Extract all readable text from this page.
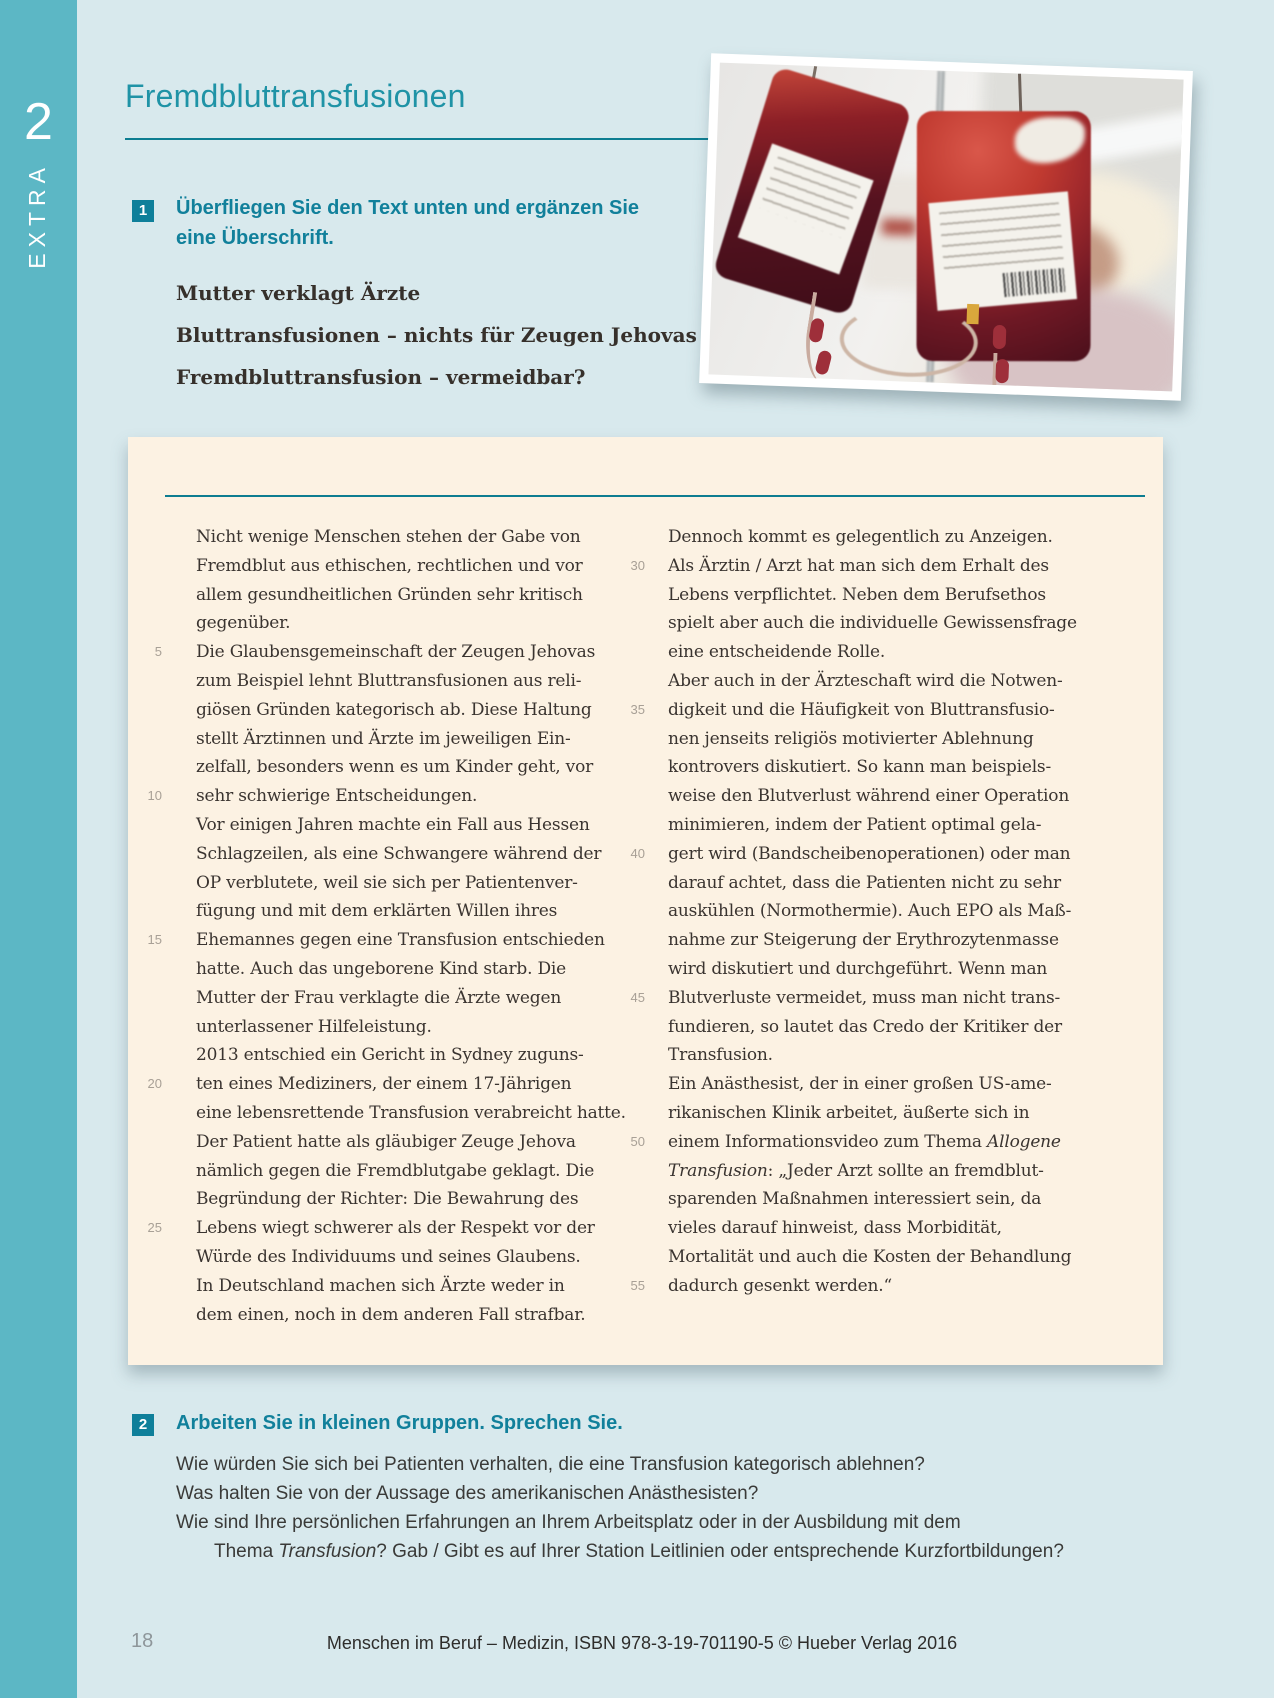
2
EXTRA
Fremdbluttransfusionen
1	Überfliegen Sie den Text unten und ergänzen Sie
eine Überschrift.
Mutter verklagt Ärzte
Bluttransfusionen – nichts für Zeugen Jehovas
Fremdbluttransfusion – vermeidbar?
Nicht wenige Menschen stehen der Gabe von
Fremdblut aus ethischen, rechtlichen und vor
allem gesundheitlichen Gründen sehr kritisch
gegenüber.
5 Die Glaubensgemeinschaft der Zeugen Jehovas
zum Beispiel lehnt Bluttransfusionen aus reli-
giösen Gründen kategorisch ab. Diese Haltung
stellt Ärztinnen und Ärzte im jeweiligen Ein-
zelfall, besonders wenn es um Kinder geht, vor
10 sehr schwierige Entscheidungen.
Vor einigen Jahren machte ein Fall aus Hessen
Schlagzeilen, als eine Schwangere während der
OP verblutete, weil sie sich per Patientenver-
fügung und mit dem erklärten Willen ihres
15 Ehemannes gegen eine Transfusion entschieden
hatte. Auch das ungeborene Kind starb. Die
Mutter der Frau verklagte die Ärzte wegen
unterlassener Hilfeleistung.
2013 entschied ein Gericht in Sydney zuguns-
20 ten eines Mediziners, der einem 17-Jährigen
eine lebensrettende Transfusion verabreicht hatte.
Der Patient hatte als gläubiger Zeuge Jehova
nämlich gegen die Fremdblutgabe geklagt. Die
Begründung der Richter: Die Bewahrung des
25 Lebens wiegt schwerer als der Respekt vor der
Würde des Individuums und seines Glaubens.
In Deutschland machen sich Ärzte weder in
dem einen, noch in dem anderen Fall strafbar.
Dennoch kommt es gelegentlich zu Anzeigen.
30 Als Ärztin / Arzt hat man sich dem Erhalt des
Lebens verpflichtet. Neben dem Berufsethos
spielt aber auch die individuelle Gewissensfrage
eine entscheidende Rolle.
Aber auch in der Ärzteschaft wird die Notwen-
35 digkeit und die Häufigkeit von Bluttransfusio-
nen jenseits religiös motivierter Ablehnung
kontrovers diskutiert. So kann man beispiels-
weise den Blutverlust während einer Operation
minimieren, indem der Patient optimal gela-
40 gert wird (Bandscheibenoperationen) oder man
darauf achtet, dass die Patienten nicht zu sehr
auskühlen (Normothermie). Auch EPO als Maß-
nahme zur Steigerung der Erythrozytenmasse
wird diskutiert und durchgeführt. Wenn man
45 Blutverluste vermeidet, muss man nicht trans-
fundieren, so lautet das Credo der Kritiker der
Transfusion.
Ein Anästhesist, der in einer großen US-ame-
rikanischen Klinik arbeitet, äußerte sich in
50 einem Informationsvideo zum Thema Allogene
Transfusion: „Jeder Arzt sollte an fremdblut-
sparenden Maßnahmen interessiert sein, da
vieles darauf hinweist, dass Morbidität,
Mortalität und auch die Kosten der Behandlung
55 dadurch gesenkt werden.“
2	Arbeiten Sie in kleinen Gruppen. Sprechen Sie.
Wie würden Sie sich bei Patienten verhalten, die eine Transfusion kategorisch ablehnen?
Was halten Sie von der Aussage des amerikanischen Anästhesisten?
Wie sind Ihre persönlichen Erfahrungen an Ihrem Arbeitsplatz oder in der Ausbildung mit dem
Thema Transfusion? Gab / Gibt es auf Ihrer Station Leitlinien oder entsprechende Kurzfortbildungen?
18	Menschen im Beruf – Medizin, ISBN 978-3-19-701190-5 © Hueber Verlag 2016
